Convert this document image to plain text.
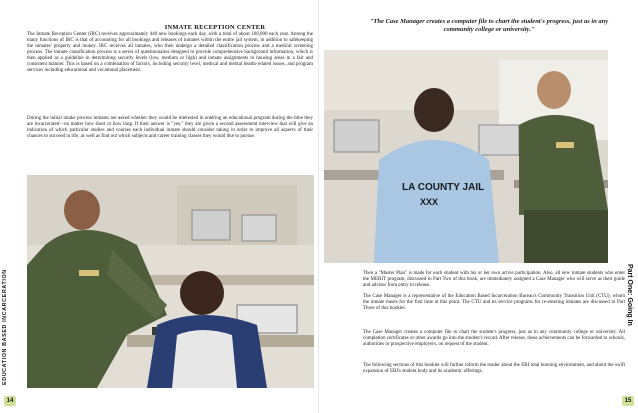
INMATE RECEPTION CENTER
The Inmate Reception Center (IRC) receives approximately 440 new bookings each day, with a total of about 160,000 each year. Among the many functions of IRC is that of accounting for all bookings and releases of inmates within the entire jail system, in addition to safekeeping the inmates' property and money. IRC receives all inmates, who then undergo a detailed classification process and a medical screening process. The inmate classification process is a series of questionnaires designed to provide comprehensive background information, which is then applied as a guideline in determining security levels (low, medium or high) and inmate assignments to housing areas in a fair and consistent manner. This is based on a combination of factors, including security level, medical and mental health-related issues, and program services including educational and vocational placement.
During the initial intake process inmates are asked whether they would be interested in entering an educational program during the time they are incarcerated—no matter how short or how long. If their answer is "yes," they are given a second assessment interview that will give an indication of which particular studies and courses each individual inmate should consider taking in order to improve all aspects of their chances to succeed in life, as well as find out which subjects and career training classes they would like to pursue.
EDUCATION BASED INCARCERATION
14
"The Case Manager creates a computer file to chart the student's progress, just as in any community college or university."
LA COUNTY JAIL
XXX
Then a "Master Plan" is made for each student with his or her own active participation. Also, all new inmate students who enter the MERIT program, discussed in Part Two of this book, are immediately assigned a Case Manager who will serve as their guide and advisor from entry to release.
The Case Manager is a representative of the Education Based Incarceration Bureau's Community Transition Unit (CTU), whom the inmate meets for the first time at this point. The CTU and its service programs for re-entering inmates are discussed in Part Three of this booklet.
The Case Manager creates a computer file to chart the student's progress, just as in any community college or university. All completion certificates or other awards go into the student's record. After release, these achievements can be forwarded to schools, authorities or prospective employers, on request of the student.
The following sections of this booklet will further inform the reader about the EBI total learning environment, and about the swift expansion of EBI's student body and its academic offerings.
Part One: Going In
15
